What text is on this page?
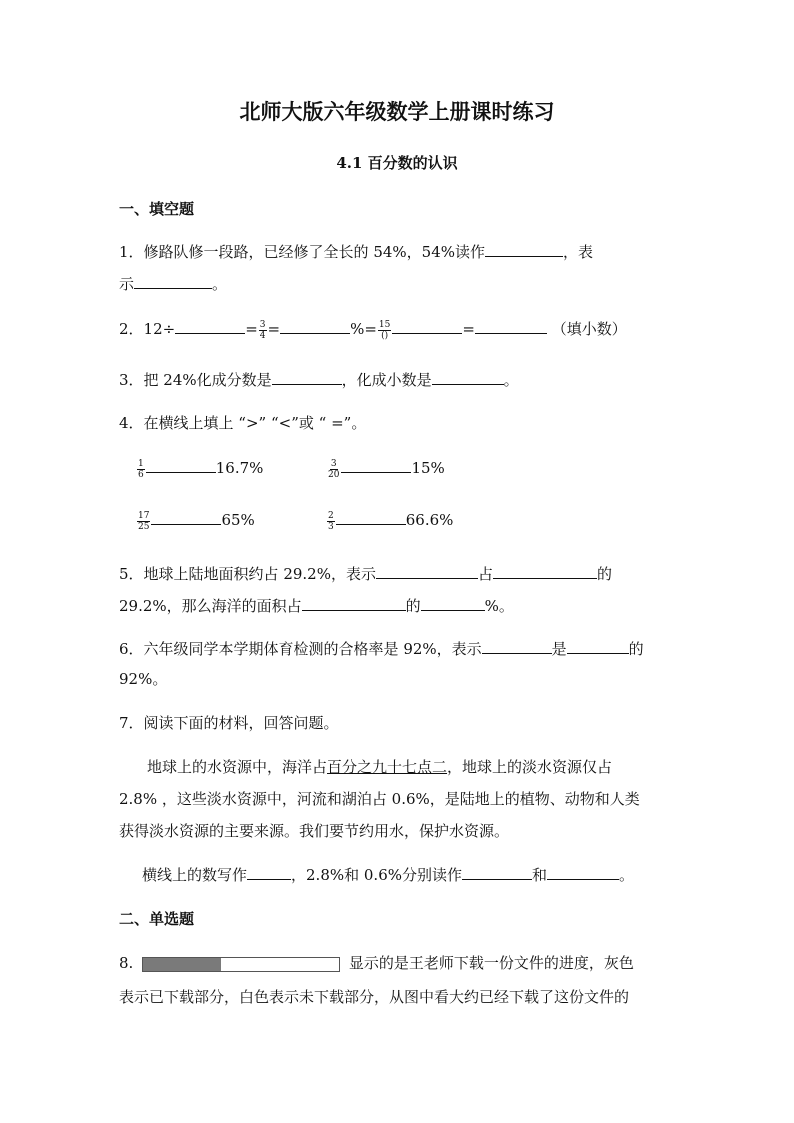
北师大版六年级数学上册课时练习
4.1 百分数的认识
一、填空题
1．修路队修一段路，已经修了全长的 54%，54%读作	，表
示	。
2．12÷	= $\frac{3}{4}$ =	%= $\frac{15}{()}$	=	（填小数）
3．把 24%化成分数是	，化成小数是	。
4．在横线上填上 “>” “<”或 “ =”。
$\frac{1}{6}$	16.7%	$\frac{3}{20}$	15%
$\frac{17}{25}$	65%	$\frac{2}{3}$	66.6%
5．地球上陆地面积约占 29.2%，表示	占	的
29.2%，那么海洋的面积占	的	%。
6．六年级同学本学期体育检测的合格率是 92%，表示	是	的
92%。
7．阅读下面的材料，回答问题。
地球上的水资源中，海洋占百分之九十七点二，地球上的淡水资源仅占
2.8% ，这些淡水资源中，河流和湖泊占 0.6%，是陆地上的植物、动物和人类
获得淡水资源的主要来源。我们要节约用水，保护水资源。
横线上的数写作	，2.8%和 0.6%分别读作	和	。
二、单选题
8.	显示的是王老师下载一份文件的进度，灰色
表示已下载部分，白色表示未下载部分，从图中看大约已经下载了这份文件的
